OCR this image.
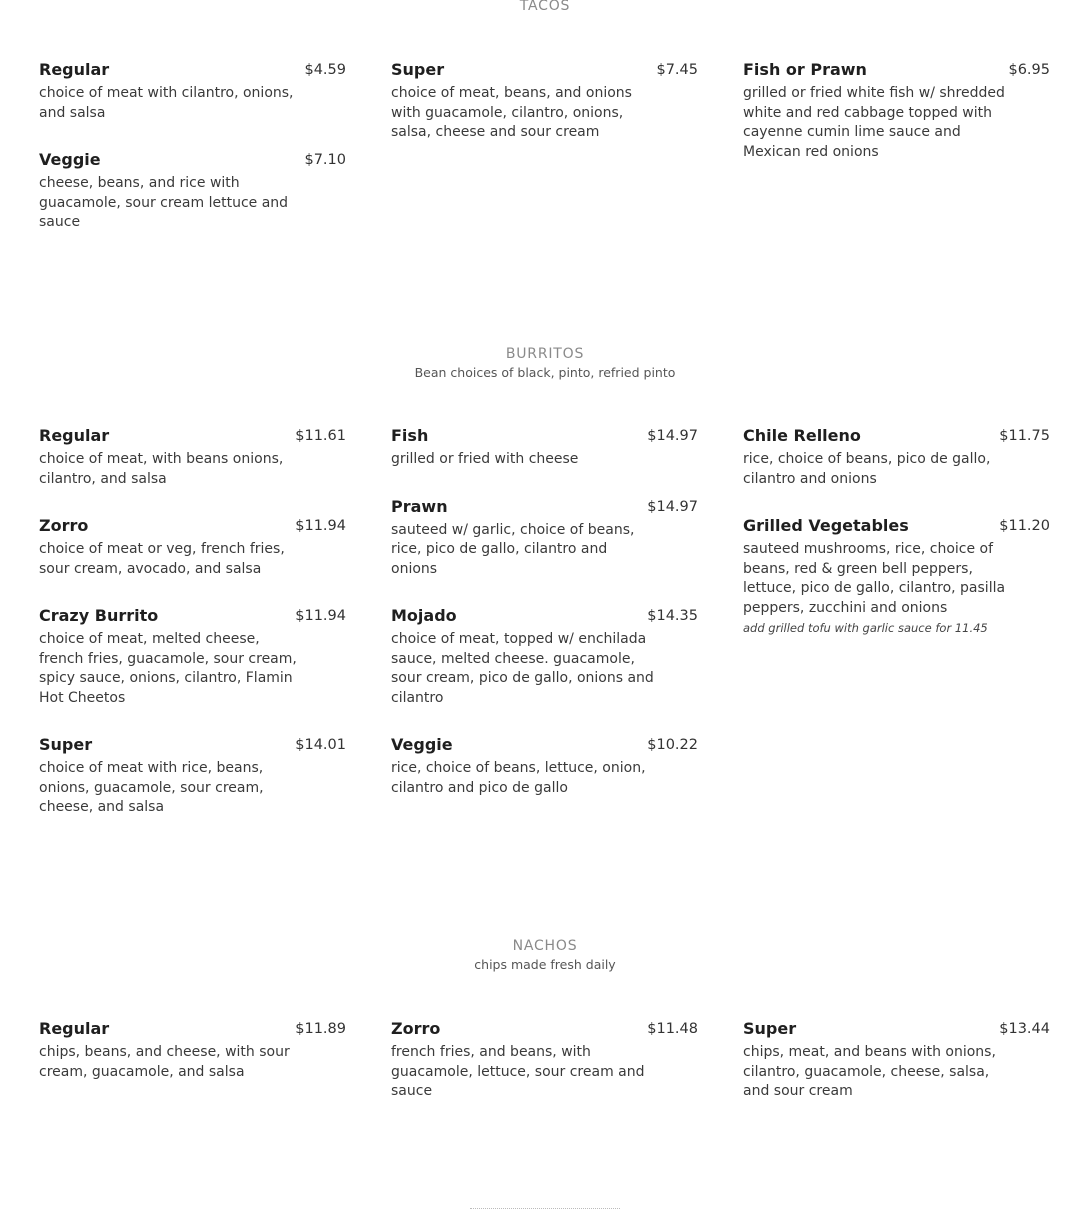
TACOS
Regular	$4.59
choice of meat with cilantro, onions, and salsa
Veggie	$7.10
cheese, beans, and rice with guacamole, sour cream lettuce and sauce
Super	$7.45
choice of meat, beans, and onions with guacamole, cilantro, onions, salsa, cheese and sour cream
Fish or Prawn	$6.95
grilled or fried white fish w/ shredded white and red cabbage topped with cayenne cumin lime sauce and Mexican red onions
BURRITOS
Bean choices of black, pinto, refried pinto
Regular	$11.61
choice of meat, with beans onions, cilantro, and salsa
Zorro	$11.94
choice of meat or veg, french fries, sour cream, avocado, and salsa
Crazy Burrito	$11.94
choice of meat, melted cheese, french fries, guacamole, sour cream, spicy sauce, onions, cilantro, Flamin Hot Cheetos
Super	$14.01
choice of meat with rice, beans, onions, guacamole, sour cream, cheese, and salsa
Fish	$14.97
grilled or fried with cheese
Prawn	$14.97
sauteed w/ garlic, choice of beans, rice, pico de gallo, cilantro and onions
Mojado	$14.35
choice of meat, topped w/ enchilada sauce, melted cheese. guacamole, sour cream, pico de gallo, onions and cilantro
Veggie	$10.22
rice, choice of beans, lettuce, onion, cilantro and pico de gallo
Chile Relleno	$11.75
rice, choice of beans, pico de gallo, cilantro and onions
Grilled Vegetables	$11.20
sauteed mushrooms, rice, choice of beans, red & green bell peppers, lettuce, pico de gallo, cilantro, pasilla peppers, zucchini and onions
add grilled tofu with garlic sauce for 11.45
NACHOS
chips made fresh daily
Regular	$11.89
chips, beans, and cheese, with sour cream, guacamole, and salsa
Zorro	$11.48
french fries, and beans, with guacamole, lettuce, sour cream and sauce
Super	$13.44
chips, meat, and beans with onions, cilantro, guacamole, cheese, salsa, and sour cream
